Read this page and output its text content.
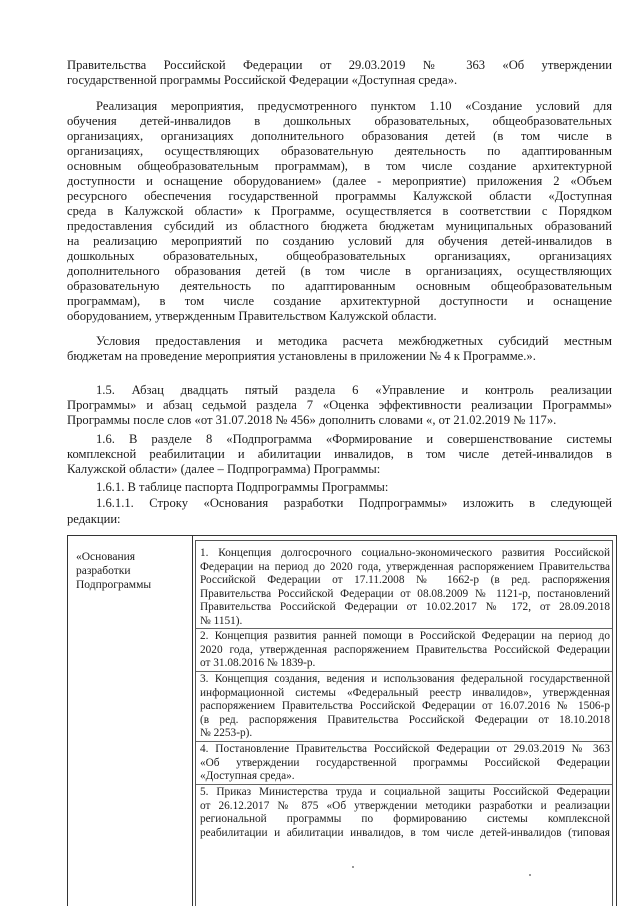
Правительства Российской Федерации от 29.03.2019 № 363 «Об утверждении
государственной программы Российской Федерации «Доступная среда».
Реализация мероприятия, предусмотренного пунктом 1.10 «Создание условий для
обучения детей-инвалидов в дошкольных образовательных, общеобразовательных
организациях, организациях дополнительного образования детей (в том числе в
организациях, осуществляющих образовательную деятельность по адаптированным
основным общеобразовательным программам), в том числе создание архитектурной
доступности и оснащение оборудованием» (далее - мероприятие) приложения 2 «Объем
ресурсного обеспечения государственной программы Калужской области «Доступная
среда в Калужской области» к Программе, осуществляется в соответствии с Порядком
предоставления субсидий из областного бюджета бюджетам муниципальных образований
на реализацию мероприятий по созданию условий для обучения детей-инвалидов в
дошкольных образовательных, общеобразовательных организациях, организациях
дополнительного образования детей (в том числе в организациях, осуществляющих
образовательную деятельность по адаптированным основным общеобразовательным
программам), в том числе создание архитектурной доступности и оснащение
оборудованием, утвержденным Правительством Калужской области.
Условия предоставления и методика расчета межбюджетных субсидий местным
бюджетам на проведение мероприятия установлены в приложении № 4 к Программе.».
1.5. Абзац двадцать пятый раздела 6 «Управление и контроль реализации
Программы» и абзац седьмой раздела 7 «Оценка эффективности реализации Программы»
Программы после слов «от 31.07.2018 № 456» дополнить словами «, от 21.02.2019 № 117».
1.6. В разделе 8 «Подпрограмма «Формирование и совершенствование системы
комплексной реабилитации и абилитации инвалидов, в том числе детей-инвалидов в
Калужской области» (далее – Подпрограмма) Программы:
1.6.1. В таблице паспорта Подпрограммы Программы:
1.6.1.1. Строку «Основания разработки Подпрограммы» изложить в следующей
редакции:
«Основания разработки Подпрограммы
1. Концепция долгосрочного социально-экономического развития Российской
Федерации на период до 2020 года, утвержденная распоряжением Правительства
Российской Федерации от 17.11.2008 № 1662-р (в ред. распоряжения
Правительства Российской Федерации от 08.08.2009 № 1121-р, постановлений
Правительства Российской Федерации от 10.02.2017 № 172, от 28.09.2018
№ 1151).
2. Концепция развития ранней помощи в Российской Федерации на период до
2020 года, утвержденная распоряжением Правительства Российской Федерации
от 31.08.2016 № 1839-р.
3. Концепция создания, ведения и использования федеральной государственной
информационной системы «Федеральный реестр инвалидов», утвержденная
распоряжением Правительства Российской Федерации от 16.07.2016 № 1506-р
(в ред. распоряжения Правительства Российской Федерации от 18.10.2018
№ 2253-р).
4. Постановление Правительства Российской Федерации от 29.03.2019 № 363
«Об утверждении государственной программы Российской Федерации
«Доступная среда».
5. Приказ Министерства труда и социальной защиты Российской Федерации
от 26.12.2017 № 875 «Об утверждении методики разработки и реализации
региональной программы по формированию системы комплексной
реабилитации и абилитации инвалидов, в том числе детей-инвалидов (типовая
